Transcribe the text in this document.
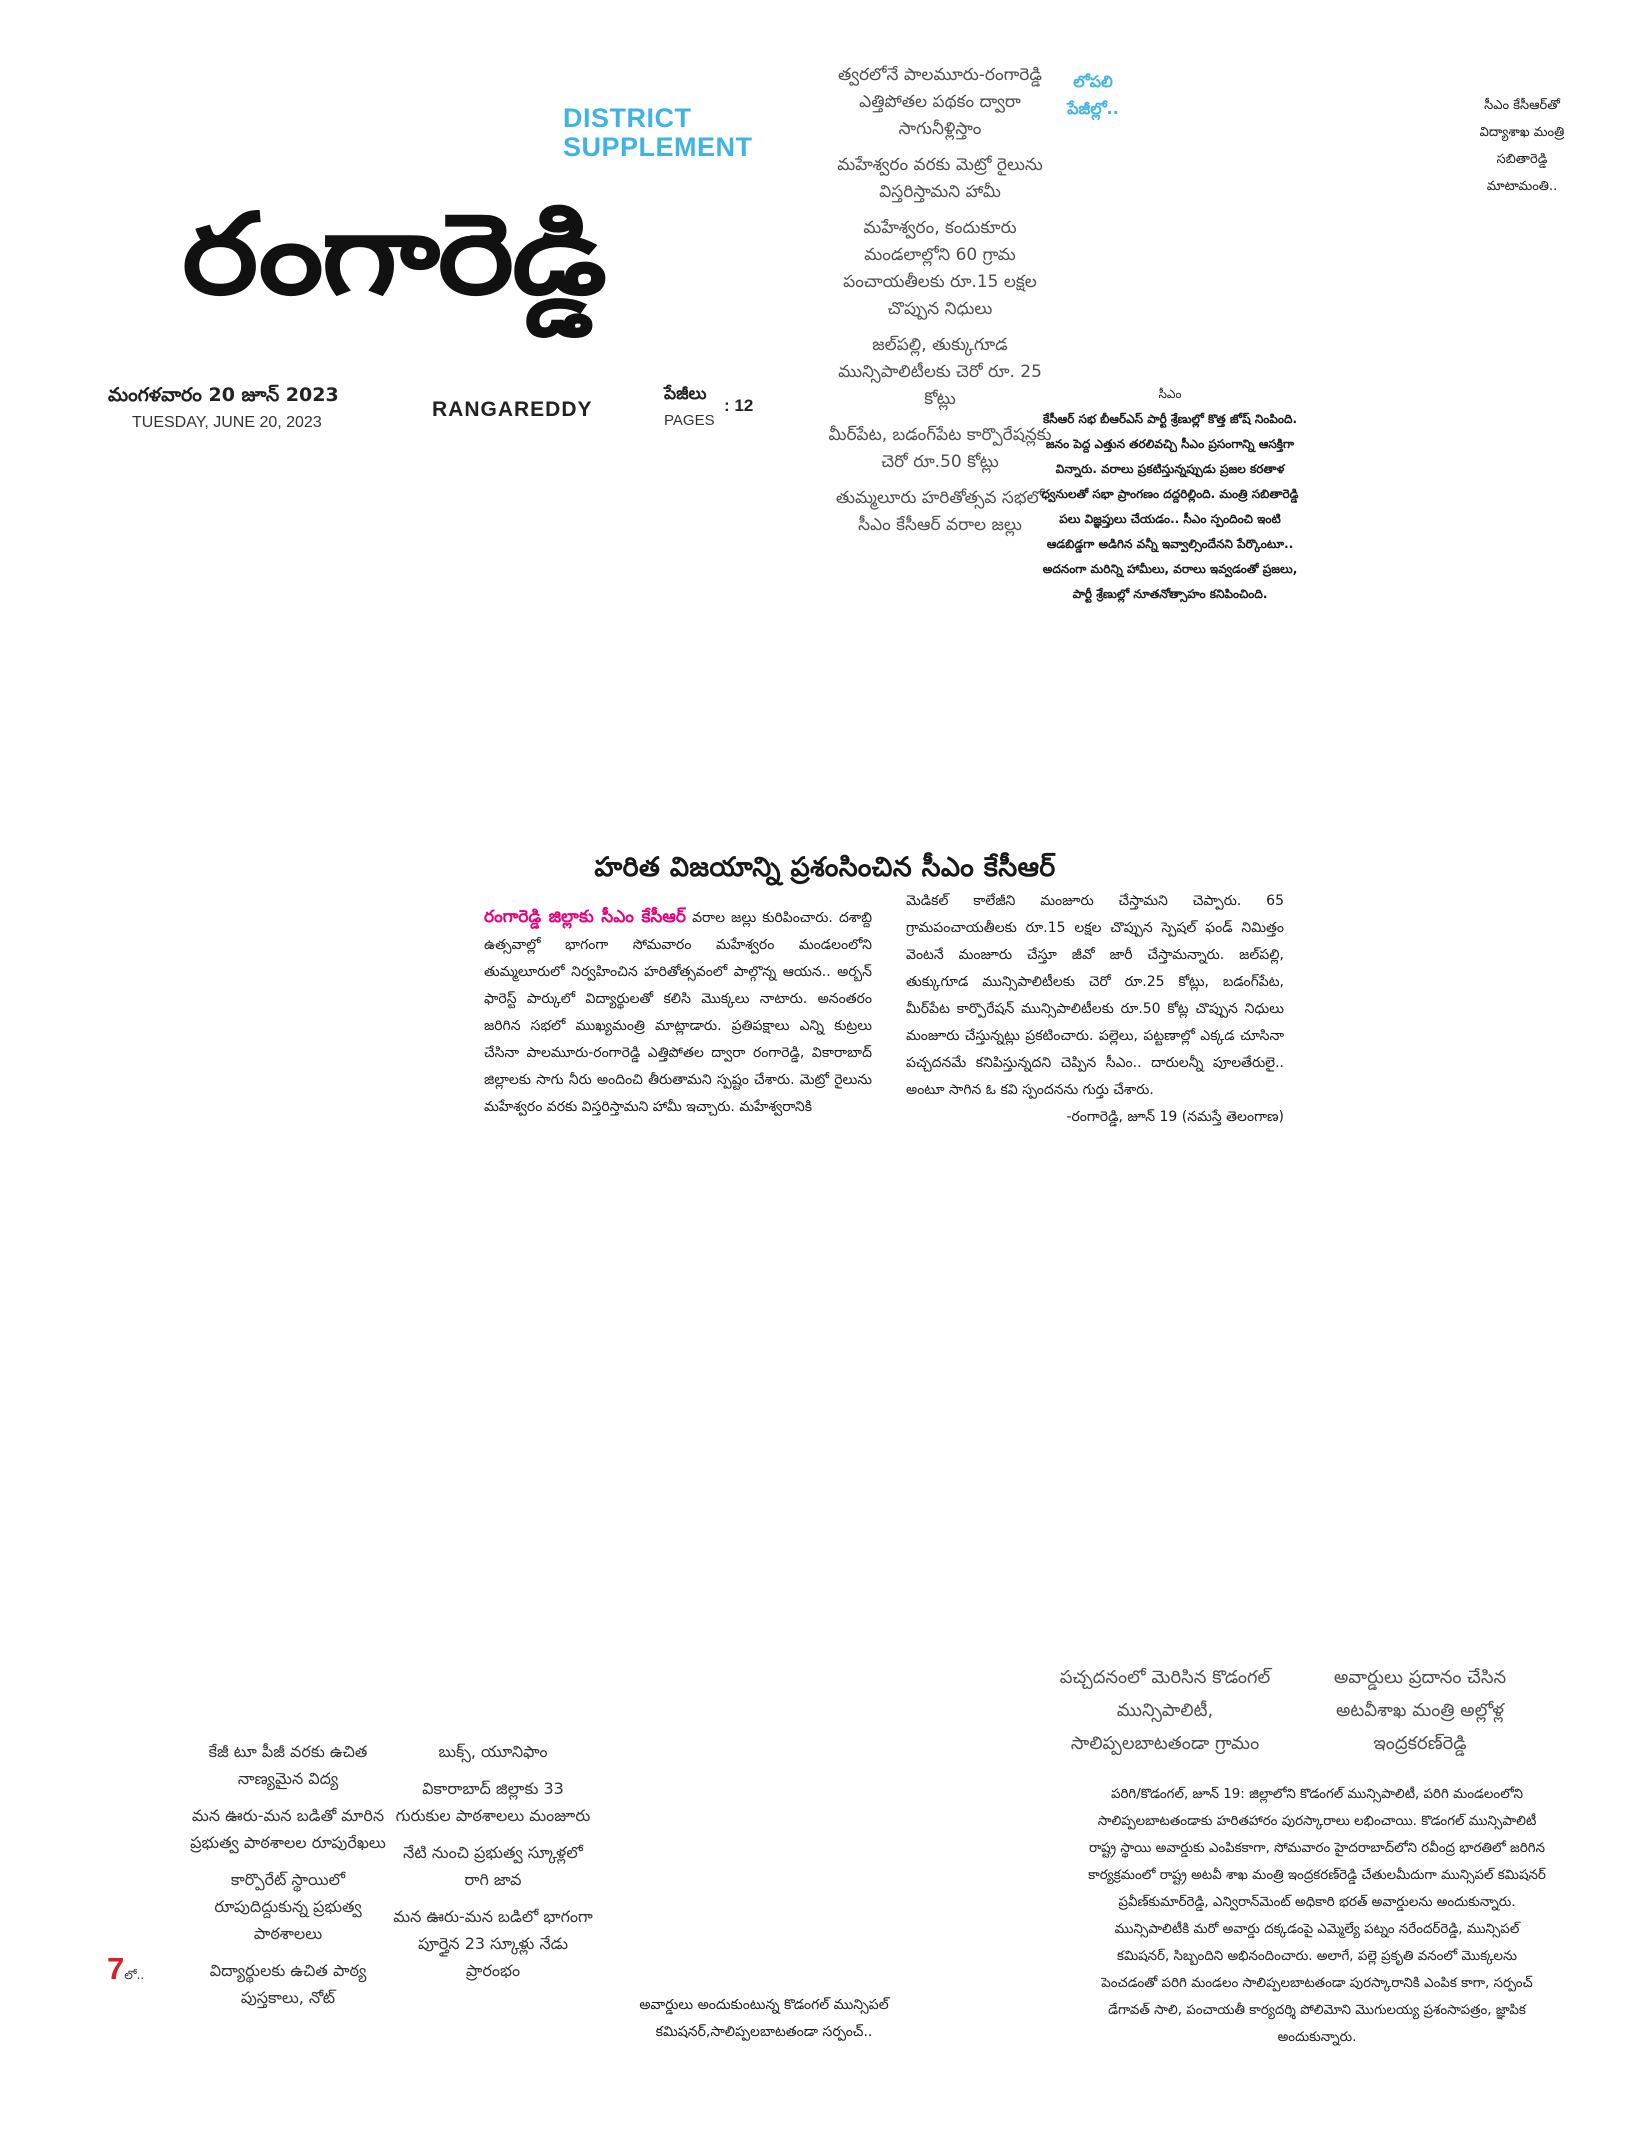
DISTRICT
SUPPLEMENT
రంగారెడ్డి
మంగళవారం 20 జూన్ 2023
TUESDAY, JUNE 20, 2023
RANGAREDDY
పేజీలు
PAGES
: 12
త్వరలోనే పాలమూరు-రంగారెడ్డి ఎత్తిపోతల పథకం ద్వారా సాగునీళ్లిస్తాం
మహేశ్వరం వరకు మెట్రో రైలును విస్తరిస్తామని హామీ
మహేశ్వరం, కందుకూరు మండలాల్లోని 60 గ్రామ పంచాయతీలకు రూ.15 లక్షల చొప్పున నిధులు
జల్‌పల్లి, తుక్కుగూడ మున్సిపాలిటీలకు చెరో రూ. 25 కోట్లు
మీర్‌పేట, బడంగ్‌పేట కార్పొరేషన్లకు చెరో రూ.50 కోట్లు
తుమ్మలూరు హరితోత్సవ సభలో సీఎం కేసీఆర్ వరాల జల్లు
లోపలి పేజీల్లో..	సీఎం కేసీఆర్‌తో విద్యాశాఖ మంత్రి సబితారెడ్డి మాటామంతి..
సీఎం
కేసీఆర్ సభ బీఆర్‌ఎస్ పార్టీ శ్రేణుల్లో కొత్త జోష్ నింపింది. జనం పెద్ద ఎత్తున తరలివచ్చి సీఎం ప్రసంగాన్ని ఆసక్తిగా విన్నారు. వరాలు ప్రకటిస్తున్నప్పుడు ప్రజల కరతాళ ధ్వనులతో సభా ప్రాంగణం దద్దరిల్లింది. మంత్రి సబితారెడ్డి పలు విజ్ఞప్తులు చేయడం.. సీఎం స్పందించి ఇంటి ఆడబిడ్డగా అడిగిన వన్నీ ఇవ్వాల్సిందేనని పేర్కొంటూ.. అదనంగా మరిన్ని హామీలు, వరాలు ఇవ్వడంతో ప్రజలు, పార్టీ శ్రేణుల్లో నూతనోత్సాహం కనిపించింది.
హరిత విజయాన్ని ప్రశంసించిన సీఎం కేసీఆర్
రంగారెడ్డి జిల్లాకు సీఎం కేసీఆర్ వరాల జల్లు కురిపించారు. దశాబ్ది ఉత్సవాల్లో భాగంగా సోమవారం మహేశ్వరం మండలంలోని తుమ్మలూరులో నిర్వహించిన హరితోత్సవంలో పాల్గొన్న ఆయన.. అర్బన్ ఫారెస్ట్ పార్కులో విద్యార్థులతో కలిసి మొక్కలు నాటారు. అనంతరం జరిగిన సభలో ముఖ్యమంత్రి మాట్లాడారు. ప్రతిపక్షాలు ఎన్ని కుట్రలు చేసినా పాలమూరు-రంగారెడ్డి ఎత్తిపోతల ద్వారా రంగారెడ్డి, వికారాబాద్ జిల్లాలకు సాగు నీరు అందించి తీరుతామని స్పష్టం చేశారు. మెట్రో రైలును మహేశ్వరం వరకు విస్తరిస్తామని హామీ ఇచ్చారు. మహేశ్వరానికి
మెడికల్ కాలేజీని మంజూరు చేస్తామని చెప్పారు. 65 గ్రామపంచాయతీలకు రూ.15 లక్షల చొప్పున స్పెషల్ ఫండ్ నిమిత్తం వెంటనే మంజూరు చేస్తూ జీవో జారీ చేస్తామన్నారు. జల్‌పల్లి, తుక్కుగూడ మున్సిపాలిటీలకు చెరో రూ.25 కోట్లు, బడంగ్‌పేట, మీర్‌పేట కార్పొరేషన్ మున్సిపాలిటీలకు రూ.50 కోట్ల చొప్పున నిధులు మంజూరు చేస్తున్నట్లు ప్రకటించారు. పల్లెలు, పట్టణాల్లో ఎక్కడ చూసినా పచ్చదనమే కనిపిస్తున్నదని చెప్పిన సీఎం.. దారులన్నీ పూలతేరులై.. అంటూ సాగిన ఓ కవి స్పందనను గుర్తు చేశారు.
-రంగారెడ్డి, జూన్ 19 (నమస్తే తెలంగాణ)
కేజీ టూ పీజీ వరకు ఉచిత నాణ్యమైన విద్య
మన ఊరు-మన బడితో మారిన ప్రభుత్వ పాఠశాలల రూపురేఖలు
కార్పొరేట్ స్థాయిలో రూపుదిద్దుకున్న ప్రభుత్వ పాఠశాలలు
విద్యార్థులకు ఉచిత పాఠ్య పుస్తకాలు, నోట్
బుక్స్, యూనిఫాం
వికారాబాద్ జిల్లాకు 33 గురుకుల పాఠశాలలు మంజూరు
నేటి నుంచి ప్రభుత్వ స్కూళ్లలో రాగి జావ
మన ఊరు-మన బడిలో భాగంగా పూర్తైన 23 స్కూళ్లు నేడు ప్రారంభం
7లో..
అవార్డులు అందుకుంటున్న కొడంగల్ మున్సిపల్ కమిషనర్,సాలిప్పలబాటతండా సర్పంచ్..
పచ్చదనంలో మెరిసిన కొడంగల్ మున్సిపాలిటీ, సాలిప్పలబాటతండా గ్రామం
అవార్డులు ప్రదానం చేసిన అటవీశాఖ మంత్రి అల్లోళ్ల ఇంద్రకరణ్‌రెడ్డి
పరిగి/కొడంగల్, జూన్ 19: జిల్లాలోని కొడంగల్ మున్సిపాలిటీ, పరిగి మండలంలోని సాలిప్పలబాటతండాకు హరితహారం పురస్కారాలు లభించాయి. కొడంగల్ మున్సిపాలిటీ రాష్ట్ర స్థాయి అవార్డుకు ఎంపికకాగా, సోమవారం హైదరాబాద్‌లోని రవీంద్ర భారతిలో జరిగిన కార్యక్రమంలో రాష్ట్ర అటవీ శాఖ మంత్రి ఇంద్రకరణ్‌రెడ్డి చేతులమీదుగా మున్సిపల్ కమిషనర్ ప్రవీణ్‌కుమార్‌రెడ్డి, ఎన్విరాన్‌మెంట్ అధికారి భరత్ అవార్డులను అందుకున్నారు. మున్సిపాలిటీకి మరో అవార్డు దక్కడంపై ఎమ్మెల్యే పట్నం నరేందర్‌రెడ్డి, మున్సిపల్ కమిషనర్, సిబ్బందిని అభినందించారు. అలాగే, పల్లె ప్రకృతి వనంలో మొక్కలను పెంచడంతో పరిగి మండలం సాలిప్పలబాటతండా పురస్కారానికి ఎంపిక కాగా, సర్పంచ్ డేగావత్ సాలి, పంచాయతీ కార్యదర్శి పోలిమోని మొగులయ్య ప్రశంసాపత్రం, జ్ఞాపిక అందుకున్నారు.
